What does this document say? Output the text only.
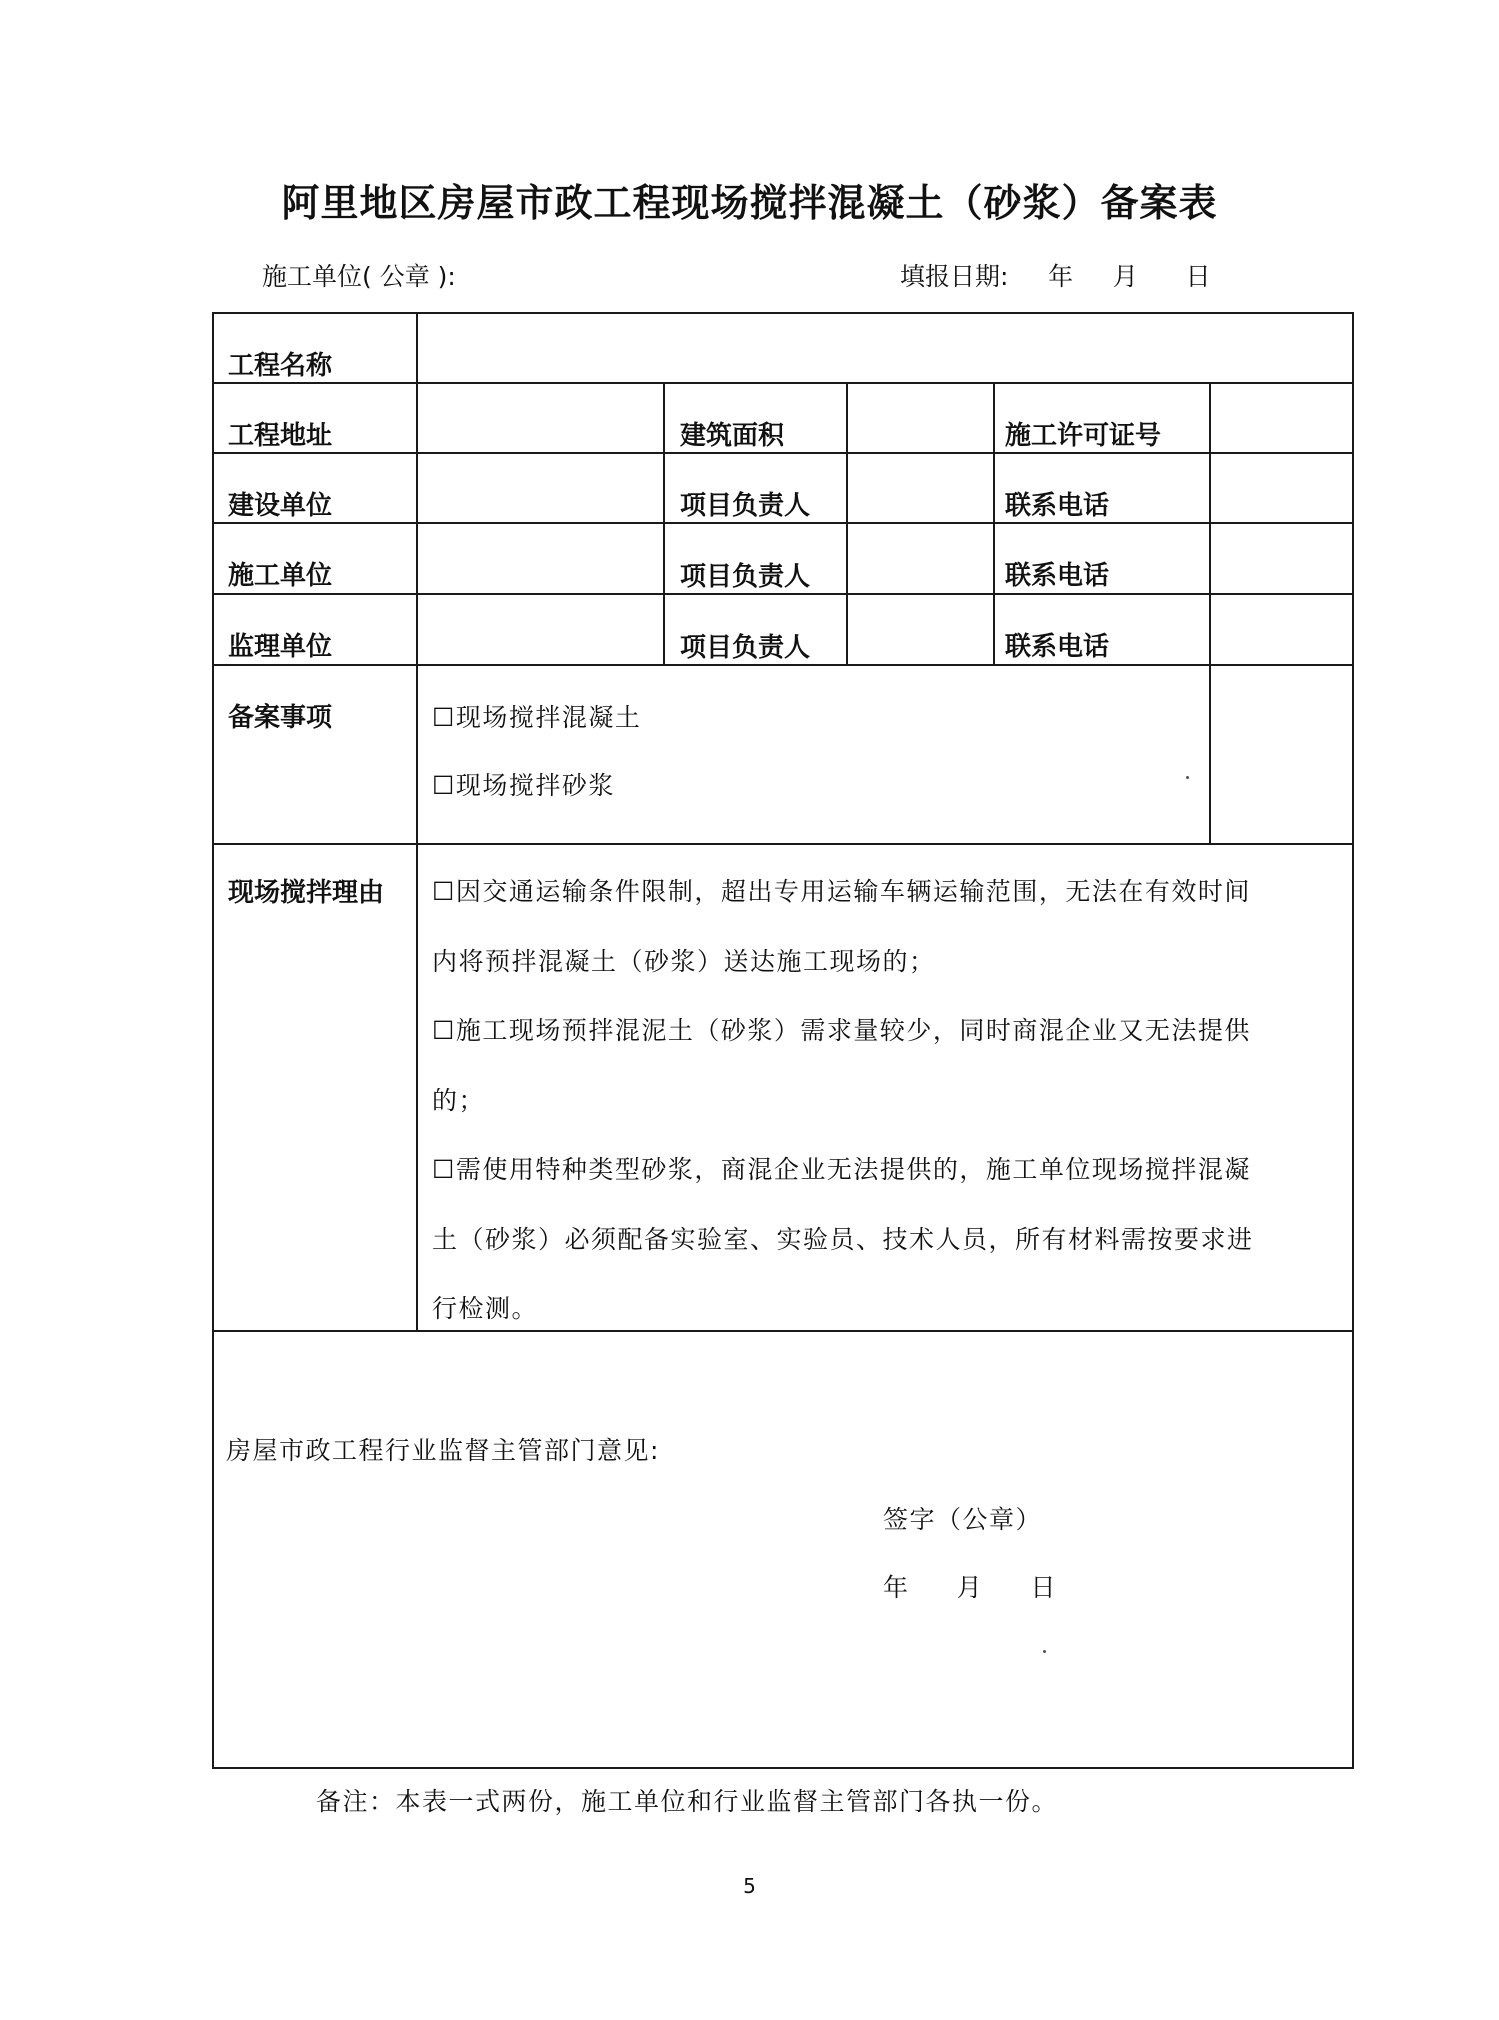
阿里地区房屋市政工程现场搅拌混凝土（砂浆）备案表
施工单位( 公章 ):	填报日期:     年     月      日
工程名称
工程地址	建筑面积	施工许可证号
建设单位	项目负责人	联系电话
施工单位	项目负责人	联系电话
监理单位	项目负责人	联系电话
备案事项	☐现场搅拌混凝土
☐现场搅拌砂浆
现场搅拌理由 ☐因交通运输条件限制，超出专用运输车辆运输范围，无法在有效时间
内将预拌混凝土（砂浆）送达施工现场的；
☐施工现场预拌混泥土（砂浆）需求量较少，同时商混企业又无法提供
的；
☐需使用特种类型砂浆，商混企业无法提供的，施工单位现场搅拌混凝
土（砂浆）必须配备实验室、实验员、技术人员，所有材料需按要求进
行检测。
房屋市政工程行业监督主管部门意见:
签字（公章）
年     月     日
备注：本表一式两份，施工单位和行业监督主管部门各执一份。
5
